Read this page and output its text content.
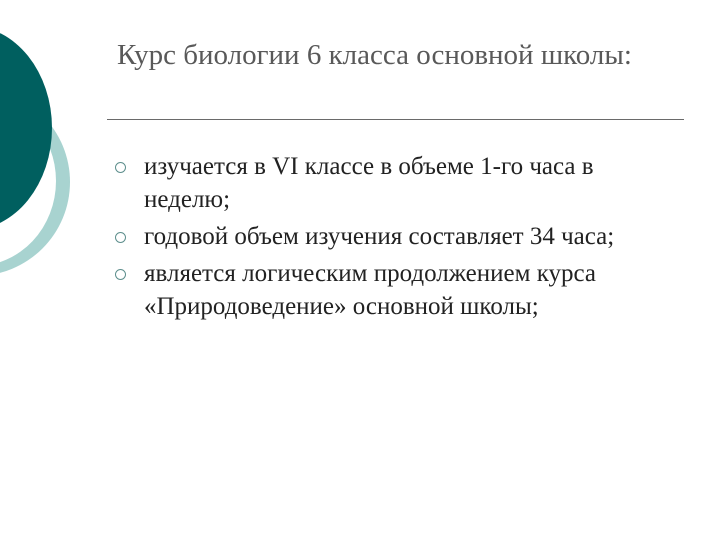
Курс биологии 6 класса основной школы:
изучается в VI классе в объеме 1-го часа в неделю;
годовой объем изучения составляет 34 часа;
является логическим продолжением курса «Природоведение» основной школы;
